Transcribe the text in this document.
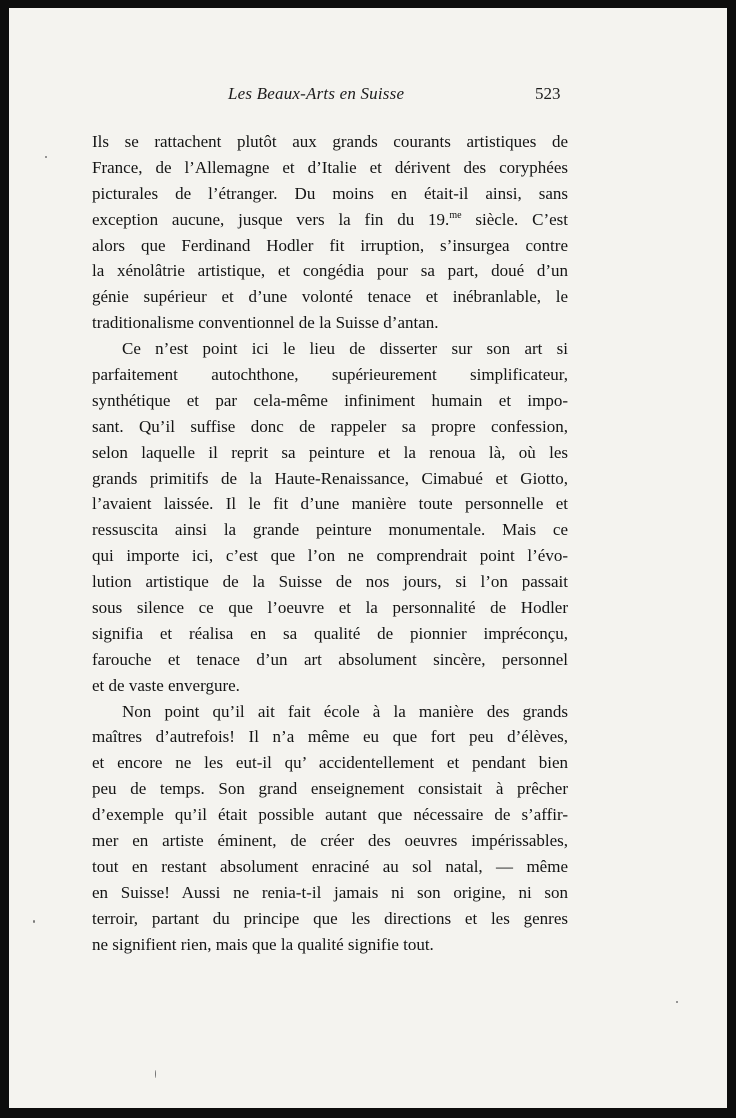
Les Beaux-Arts en Suisse	523
Ils se rattachent plutôt aux grands courants artistiques de
France, de l’Allemagne et d’Italie et dérivent des coryphées
picturales de l’étranger. Du moins en était-il ainsi, sans
exception aucune, jusque vers la fin du 19.$^{me}$ siècle. C’est
alors que Ferdinand Hodler fit irruption, s’insurgea contre
la xénolâtrie artistique, et congédia pour sa part, doué d’un
génie supérieur et d’une volonté tenace et inébranlable, le
traditionalisme conventionnel de la Suisse d’antan.
Ce n’est point ici le lieu de disserter sur son art si
parfaitement autochthone, supérieurement simplificateur,
synthétique et par cela-même infiniment humain et impo-
sant. Qu’il suffise donc de rappeler sa propre confession,
selon laquelle il reprit sa peinture et la renoua là, où les
grands primitifs de la Haute-Renaissance, Cimabué et Giotto,
l’avaient laissée. Il le fit d’une manière toute personnelle et
ressuscita ainsi la grande peinture monumentale. Mais ce
qui importe ici, c’est que l’on ne comprendrait point l’évo-
lution artistique de la Suisse de nos jours, si l’on passait
sous silence ce que l’oeuvre et la personnalité de Hodler
signifia et réalisa en sa qualité de pionnier impréconçu,
farouche et tenace d’un art absolument sincère, personnel
et de vaste envergure.
Non point qu’il ait fait école à la manière des grands
maîtres d’autrefois! Il n’a même eu que fort peu d’élèves,
et encore ne les eut-il qu’ accidentellement et pendant bien
peu de temps. Son grand enseignement consistait à prêcher
d’exemple qu’il était possible autant que nécessaire de s’affir-
mer en artiste éminent, de créer des oeuvres impérissables,
tout en restant absolument enraciné au sol natal, — même
en Suisse! Aussi ne renia-t-il jamais ni son origine, ni son
terroir, partant du principe que les directions et les genres
ne signifient rien, mais que la qualité signifie tout.
